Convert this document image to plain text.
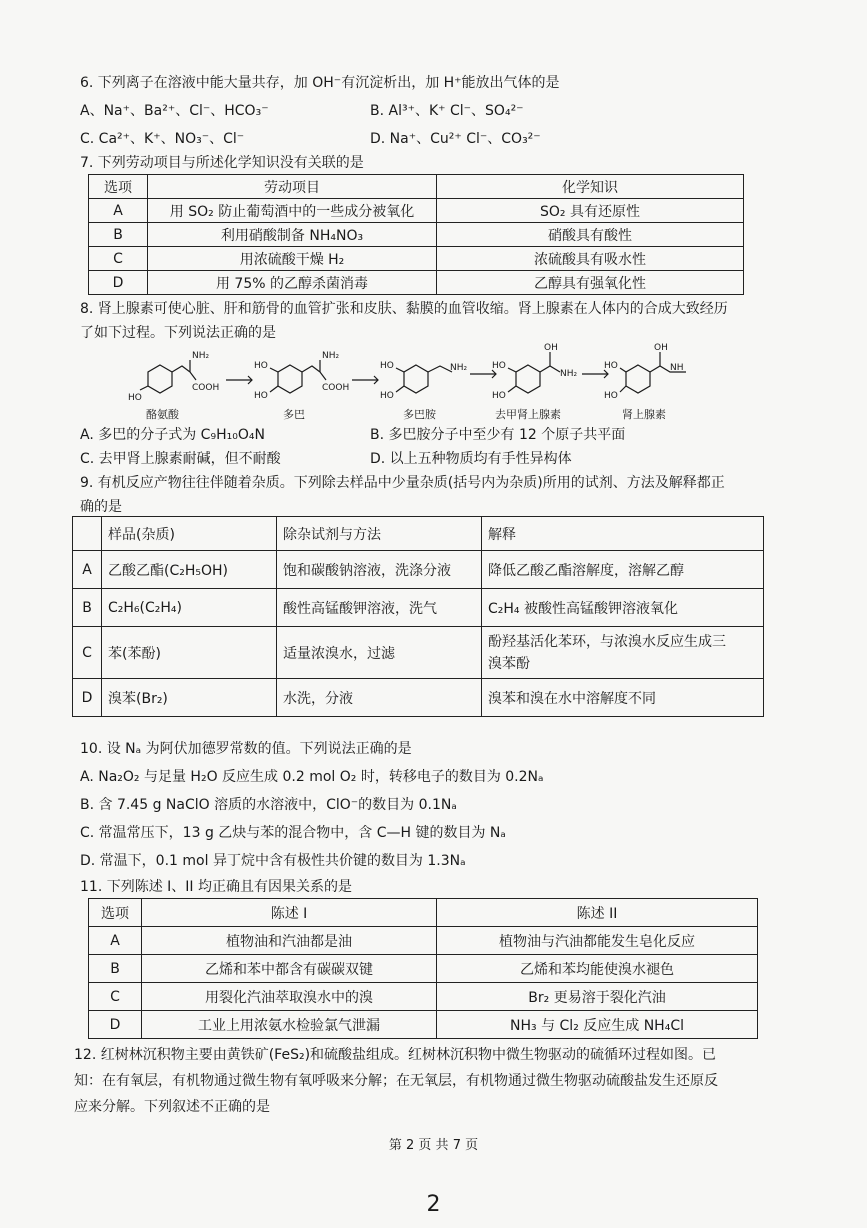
6. 下列离子在溶液中能大量共存，加 OH⁻有沉淀析出，加 H⁺能放出气体的是
A、Na⁺、Ba²⁺、Cl⁻、HCO₃⁻	B. Al³⁺、K⁺ Cl⁻、SO₄²⁻
C. Ca²⁺、K⁺、NO₃⁻、Cl⁻	D. Na⁺、Cu²⁺ Cl⁻、CO₃²⁻
7. 下列劳动项目与所述化学知识没有关联的是
选项	劳动项目	化学知识
A	用 SO₂ 防止葡萄酒中的一些成分被氧化	SO₂ 具有还原性
B	利用硝酸制备 NH₄NO₃	硝酸具有酸性
C	用浓硫酸干燥 H₂	浓硫酸具有吸水性
D	用 75% 的乙醇杀菌消毒	乙醇具有强氧化性
8. 肾上腺素可使心脏、肝和筋骨的血管扩张和皮肤、黏膜的血管收缩。肾上腺素在人体内的合成大致经历
了如下过程。下列说法正确的是
NH₂
COOH
HO
NH₂
COOH
HO
HO
NH₂
HO
HO
OH
NH₂
HO
HO
OH
NH
HO
HO
酪氨酸	多巴	多巴胺	去甲肾上腺素	肾上腺素
A. 多巴的分子式为 C₉H₁₀O₄N	B. 多巴胺分子中至少有 12 个原子共平面
C. 去甲肾上腺素耐碱，但不耐酸	D. 以上五种物质均有手性异构体
9. 有机反应产物往往伴随着杂质。下列除去样品中少量杂质(括号内为杂质)所用的试剂、方法及解释都正
确的是
	样品(杂质)	除杂试剂与方法	解释
A	乙酸乙酯(C₂H₅OH)	饱和碳酸钠溶液，洗涤分液	降低乙酸乙酯溶解度，溶解乙醇
B	C₂H₆(C₂H₄)	酸性高锰酸钾溶液，洗气	C₂H₄ 被酸性高锰酸钾溶液氧化
C	苯(苯酚)	适量浓溴水，过滤	酚羟基活化苯环，与浓溴水反应生成三
溴苯酚
D	溴苯(Br₂)	水洗，分液	溴苯和溴在水中溶解度不同
10. 设 Nₐ 为阿伏加德罗常数的值。下列说法正确的是
A. Na₂O₂ 与足量 H₂O 反应生成 0.2 mol O₂ 时，转移电子的数目为 0.2Nₐ
B. 含 7.45 g NaClO 溶质的水溶液中，ClO⁻的数目为 0.1Nₐ
C. 常温常压下，13 g 乙炔与苯的混合物中，含 C—H 键的数目为 Nₐ
D. 常温下，0.1 mol 异丁烷中含有极性共价键的数目为 1.3Nₐ
11. 下列陈述 I、II 均正确且有因果关系的是
选项	陈述 I	陈述 II
A	植物油和汽油都是油	植物油与汽油都能发生皂化反应
B	乙烯和苯中都含有碳碳双键	乙烯和苯均能使溴水褪色
C	用裂化汽油萃取溴水中的溴	Br₂ 更易溶于裂化汽油
D	工业上用浓氨水检验氯气泄漏	NH₃ 与 Cl₂ 反应生成 NH₄Cl
12. 红树林沉积物主要由黄铁矿(FeS₂)和硫酸盐组成。红树林沉积物中微生物驱动的硫循环过程如图。已
知：在有氧层，有机物通过微生物有氧呼吸来分解；在无氧层，有机物通过微生物驱动硫酸盐发生还原反
应来分解。下列叙述不正确的是
第 2 页 共 7 页
2
